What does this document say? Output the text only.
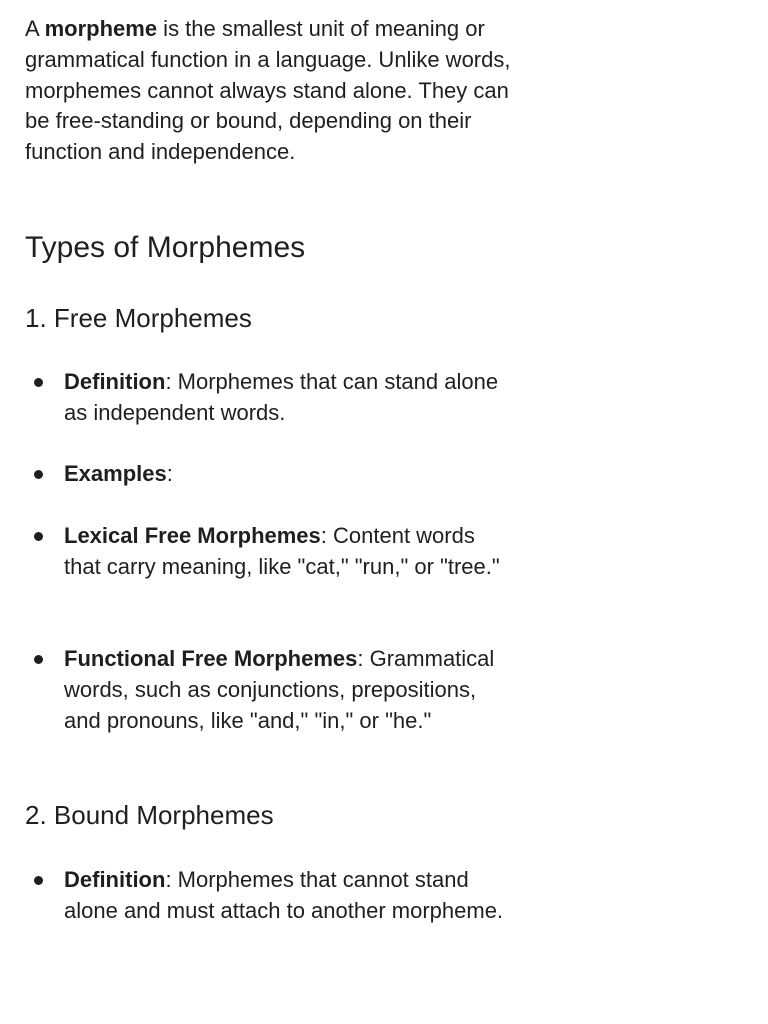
A morpheme is the smallest unit of meaning or grammatical function in a language. Unlike words, morphemes cannot always stand alone. They can be free-standing or bound, depending on their function and independence.

Types of Morphemes
1. Free Morphemes

Definition: Morphemes that can stand alone as independent words.

Examples:

Lexical Free Morphemes: Content words that carry meaning, like "cat," "run," or "tree."

Functional Free Morphemes: Grammatical words, such as conjunctions, prepositions, and pronouns, like "and," "in," or "he."

2. Bound Morphemes

Definition: Morphemes that cannot stand alone and must attach to another morpheme.
